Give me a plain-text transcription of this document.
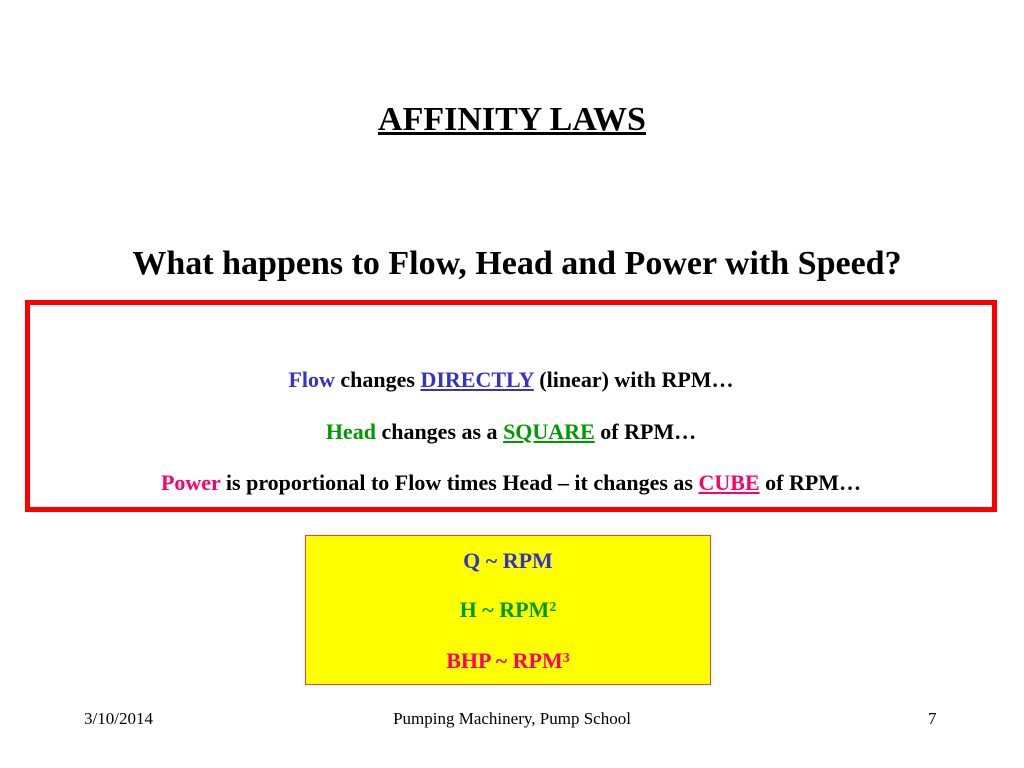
AFFINITY LAWS
What happens to Flow, Head and Power with Speed?
Flow changes DIRECTLY (linear) with RPM…
Head changes as a SQUARE of RPM…
Power is proportional to Flow times Head – it changes as CUBE of RPM…
Q ~ RPM
H ~ RPM$^2$
BHP ~ RPM$^3$
3/10/2014	Pumping Machinery, Pump School	7
